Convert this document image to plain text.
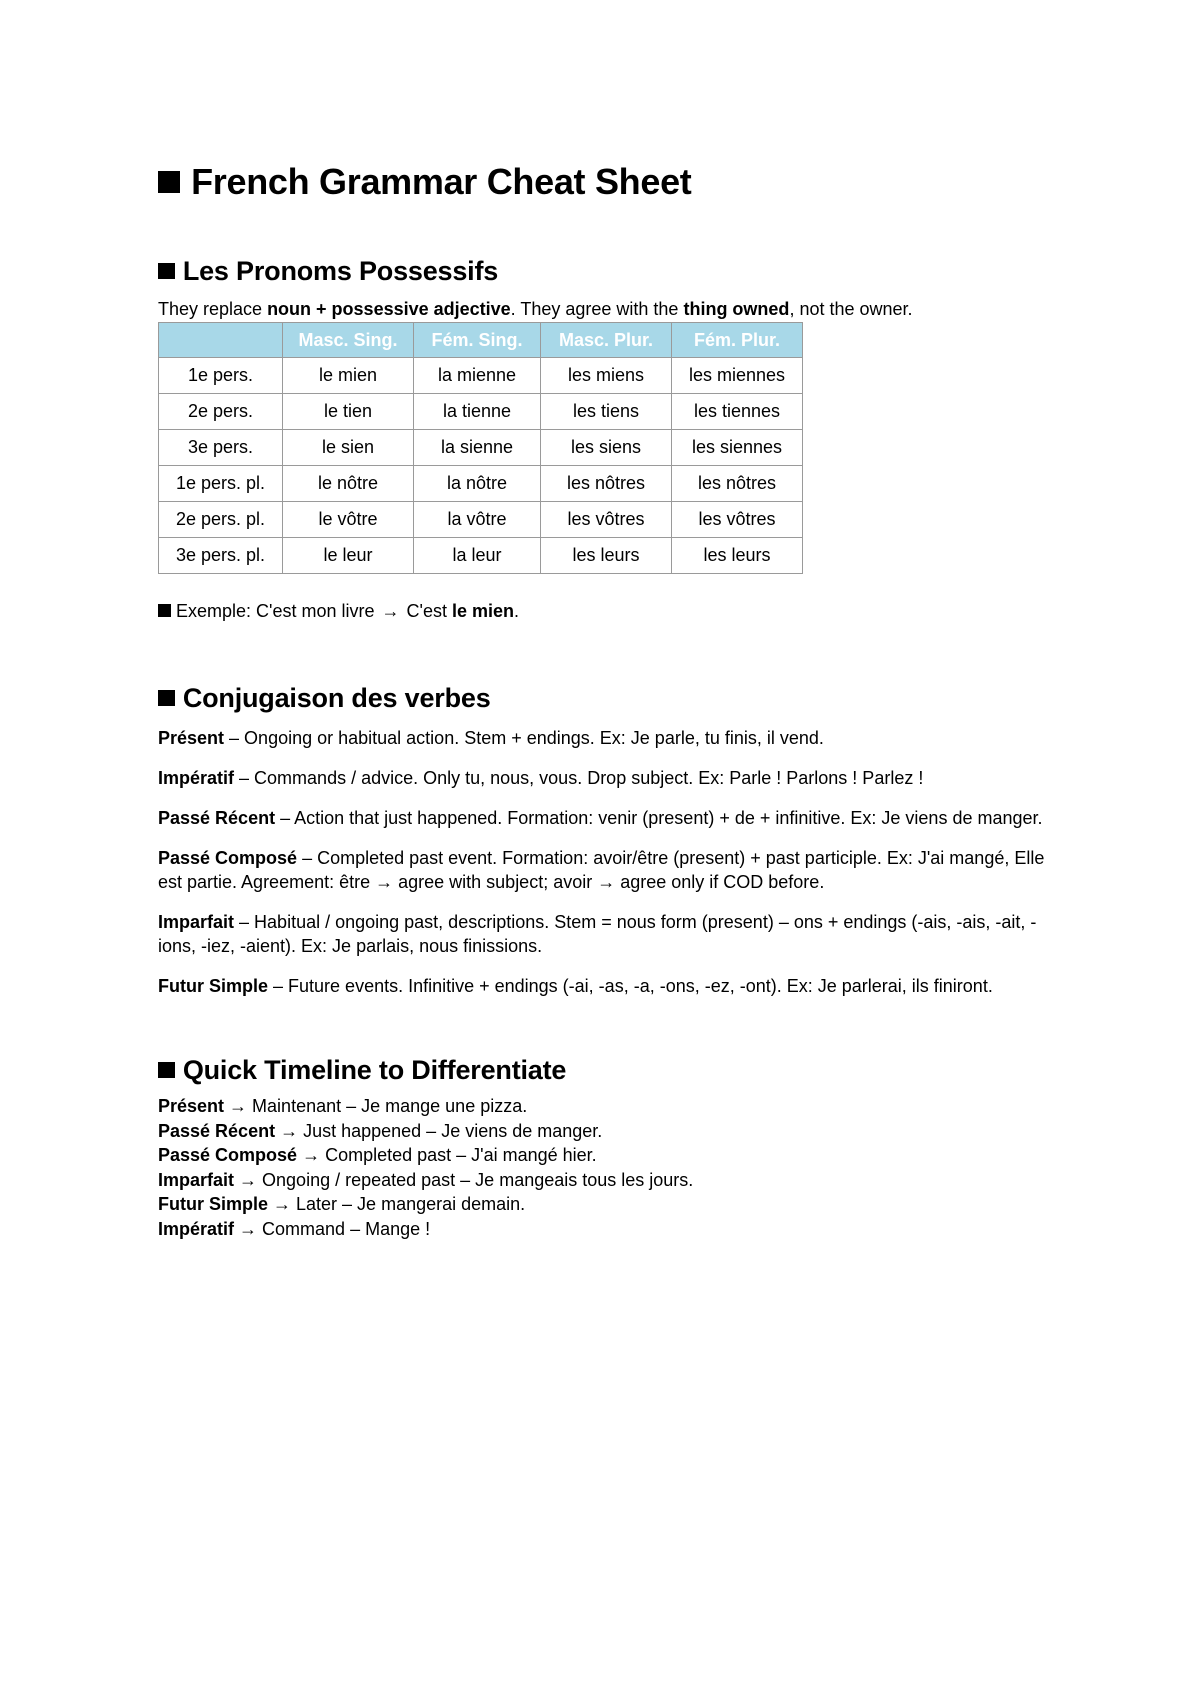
French Grammar Cheat Sheet
Les Pronoms Possessifs
They replace noun + possessive adjective. They agree with the thing owned, not the owner.
	Masc. Sing.	Fém. Sing.	Masc. Plur.	Fém. Plur.
1e pers.	le mien	la mienne	les miens	les miennes
2e pers.	le tien	la tienne	les tiens	les tiennes
3e pers.	le sien	la sienne	les siens	les siennes
1e pers. pl.	le nôtre	la nôtre	les nôtres	les nôtres
2e pers. pl.	le vôtre	la vôtre	les vôtres	les vôtres
3e pers. pl.	le leur	la leur	les leurs	les leurs
Exemple: C'est mon livre → C'est le mien.
Conjugaison des verbes

Présent – Ongoing or habitual action. Stem + endings. Ex: Je parle, tu finis, il vend.

Impératif – Commands / advice. Only tu, nous, vous. Drop subject. Ex: Parle ! Parlons ! Parlez !

Passé Récent – Action that just happened. Formation: venir (present) + de + infinitive. Ex: Je viens de manger.

Passé Composé – Completed past event. Formation: avoir/être (present) + past participle. Ex: J'ai mangé, Elle est partie. Agreement: être → agree with subject; avoir → agree only if COD before.

Imparfait – Habitual / ongoing past, descriptions. Stem = nous form (present) – ons + endings (-ais, -ais, -ait, -ions, -iez, -aient). Ex: Je parlais, nous finissions.

Futur Simple – Future events. Infinitive + endings (-ai, -as, -a, -ons, -ez, -ont). Ex: Je parlerai, ils finiront.

Quick Timeline to Differentiate
Présent → Maintenant – Je mange une pizza.
Passé Récent → Just happened – Je viens de manger.
Passé Composé → Completed past – J'ai mangé hier.
Imparfait → Ongoing / repeated past – Je mangeais tous les jours.
Futur Simple → Later – Je mangerai demain.
Impératif → Command – Mange !
